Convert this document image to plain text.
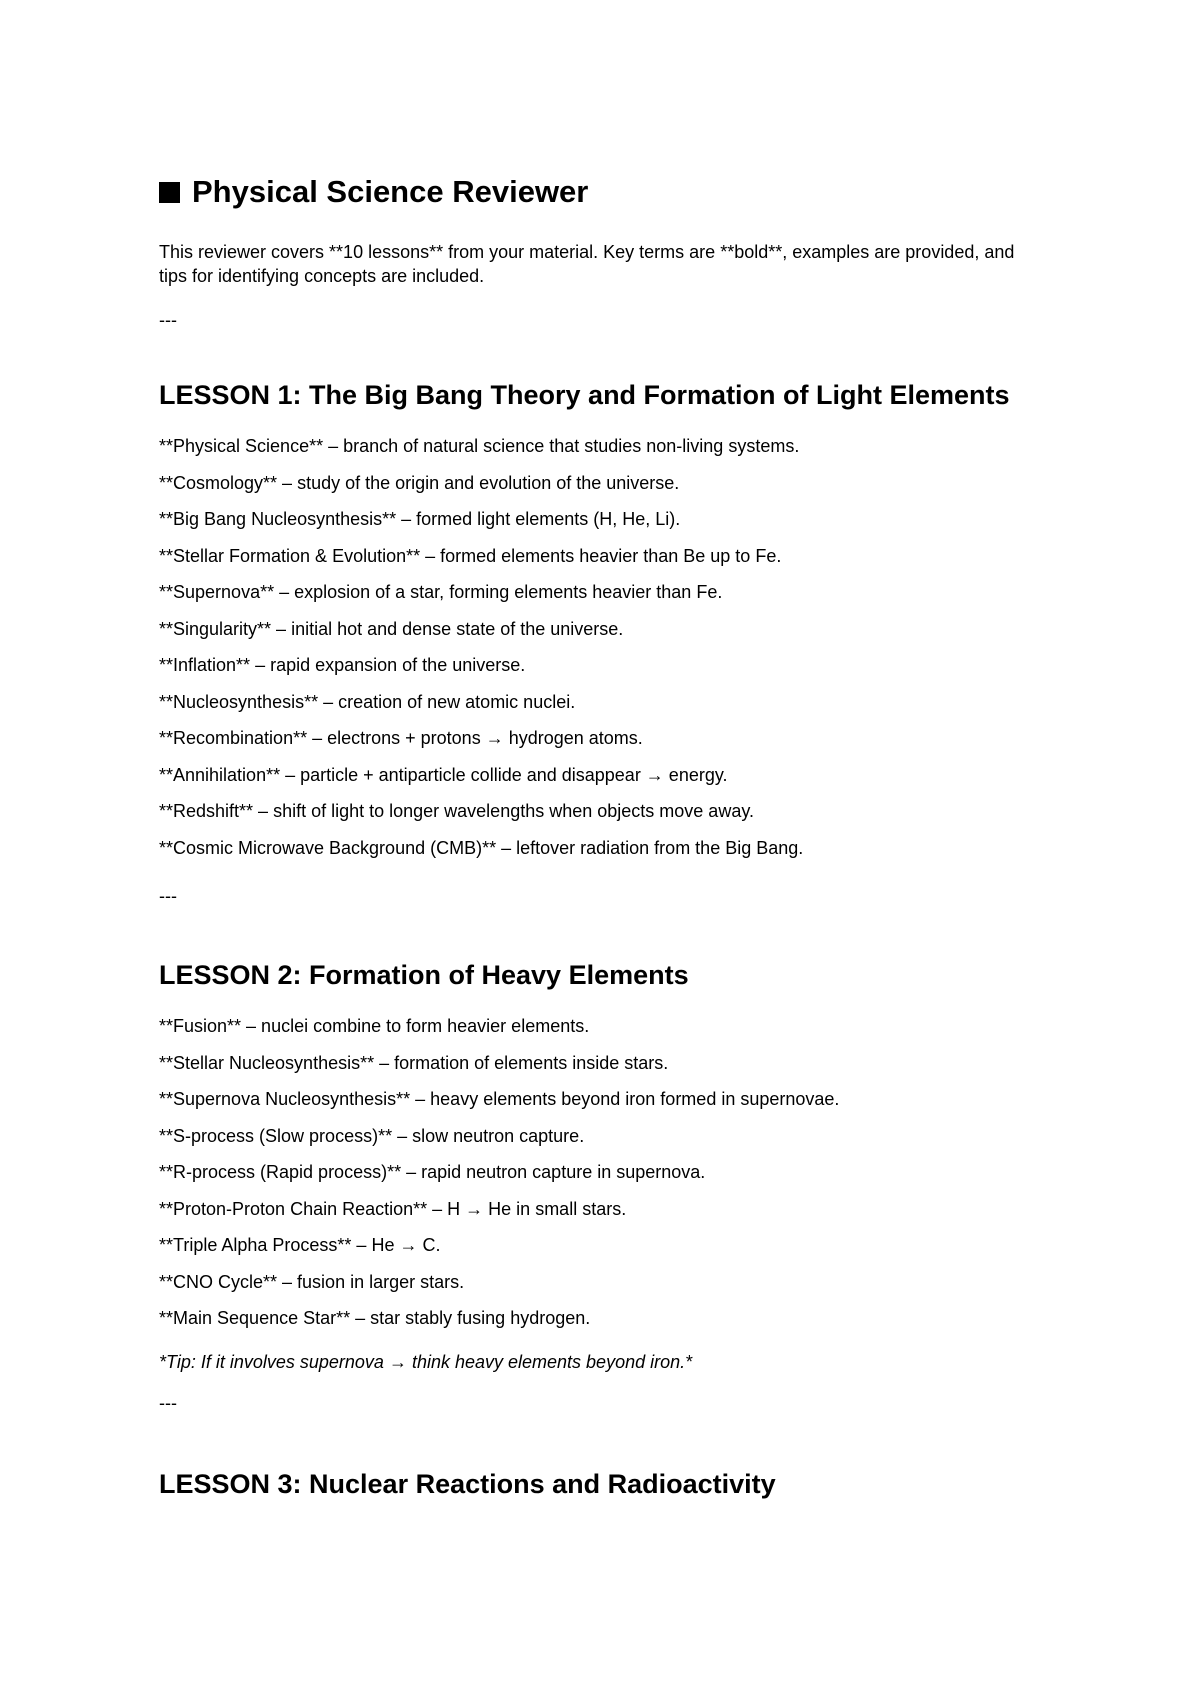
Physical Science Reviewer

This reviewer covers **10 lessons** from your material. Key terms are **bold**, examples are provided, and tips for identifying concepts are included.

---

LESSON 1: The Big Bang Theory and Formation of Light Elements
**Physical Science** – branch of natural science that studies non-living systems.
**Cosmology** – study of the origin and evolution of the universe.
**Big Bang Nucleosynthesis** – formed light elements (H, He, Li).
**Stellar Formation & Evolution** – formed elements heavier than Be up to Fe.
**Supernova** – explosion of a star, forming elements heavier than Fe.
**Singularity** – initial hot and dense state of the universe.
**Inflation** – rapid expansion of the universe.
**Nucleosynthesis** – creation of new atomic nuclei.
**Recombination** – electrons + protons → hydrogen atoms.
**Annihilation** – particle + antiparticle collide and disappear → energy.
**Redshift** – shift of light to longer wavelengths when objects move away.
**Cosmic Microwave Background (CMB)** – leftover radiation from the Big Bang.

---

LESSON 2: Formation of Heavy Elements
**Fusion** – nuclei combine to form heavier elements.
**Stellar Nucleosynthesis** – formation of elements inside stars.
**Supernova Nucleosynthesis** – heavy elements beyond iron formed in supernovae.
**S-process (Slow process)** – slow neutron capture.
**R-process (Rapid process)** – rapid neutron capture in supernova.
**Proton-Proton Chain Reaction** – H → He in small stars.
**Triple Alpha Process** – He → C.
**CNO Cycle** – fusion in larger stars.
**Main Sequence Star** – star stably fusing hydrogen.

*Tip: If it involves supernova → think heavy elements beyond iron.*

---

LESSON 3: Nuclear Reactions and Radioactivity
